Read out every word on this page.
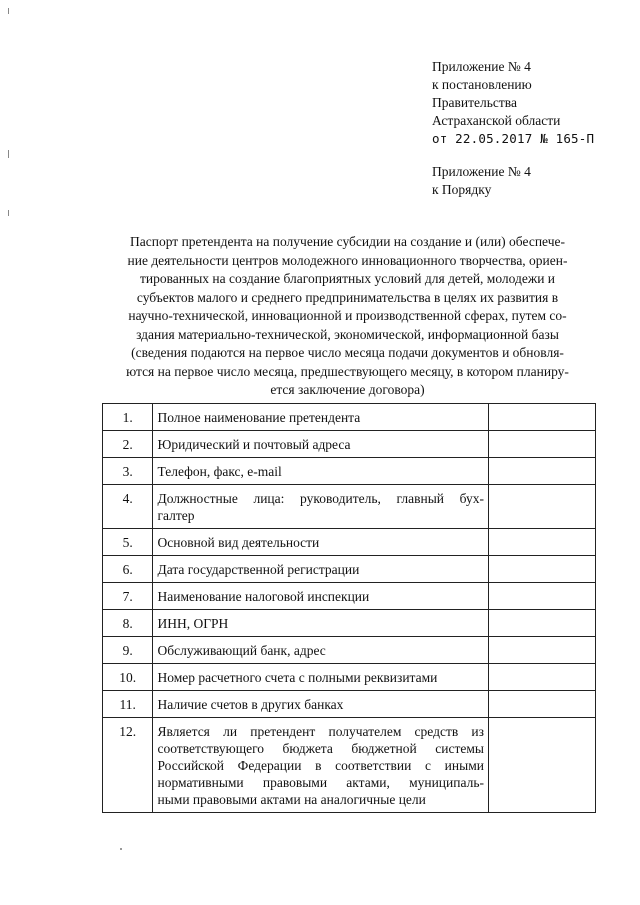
Приложение № 4
к постановлению
Правительства
Астраханской области
от 22.05.2017 № 165-П
Приложение № 4
к Порядку
Паспорт претендента на получение субсидии на создание и (или) обеспече-
ние деятельности центров молодежного инновационного творчества, ориен-
тированных на создание благоприятных условий для детей, молодежи и
субъектов малого и среднего предпринимательства в целях их развития в
научно-технической, инновационной и производственной сферах, путем со-
здания материально-технической, экономической, информационной базы
(сведения подаются на первое число месяца подачи документов и обновля-
ются на первое число месяца, предшествующего месяцу, в котором планиру-
ется заключение договора)
1.	Полное наименование претендента	

2.	Юридический и почтовый адреса	

3.	Телефон, факс, e-mail	

4.	Должностные лица: руководитель, главный бух-
галтер	

5.	Основной вид деятельности	

6.	Дата государственной регистрации	

7.	Наименование налоговой инспекции	

8.	ИНН, ОГРН	

9.	Обслуживающий банк, адрес	

10.	Номер расчетного счета с полными реквизитами	

11.	Наличие счетов в других банках	

12.	Является ли претендент получателем средств из
соответствующего бюджета бюджетной системы
Российской Федерации в соответствии с иными
нормативными правовыми актами, муниципаль-
ными правовыми актами на аналогичные цели	
